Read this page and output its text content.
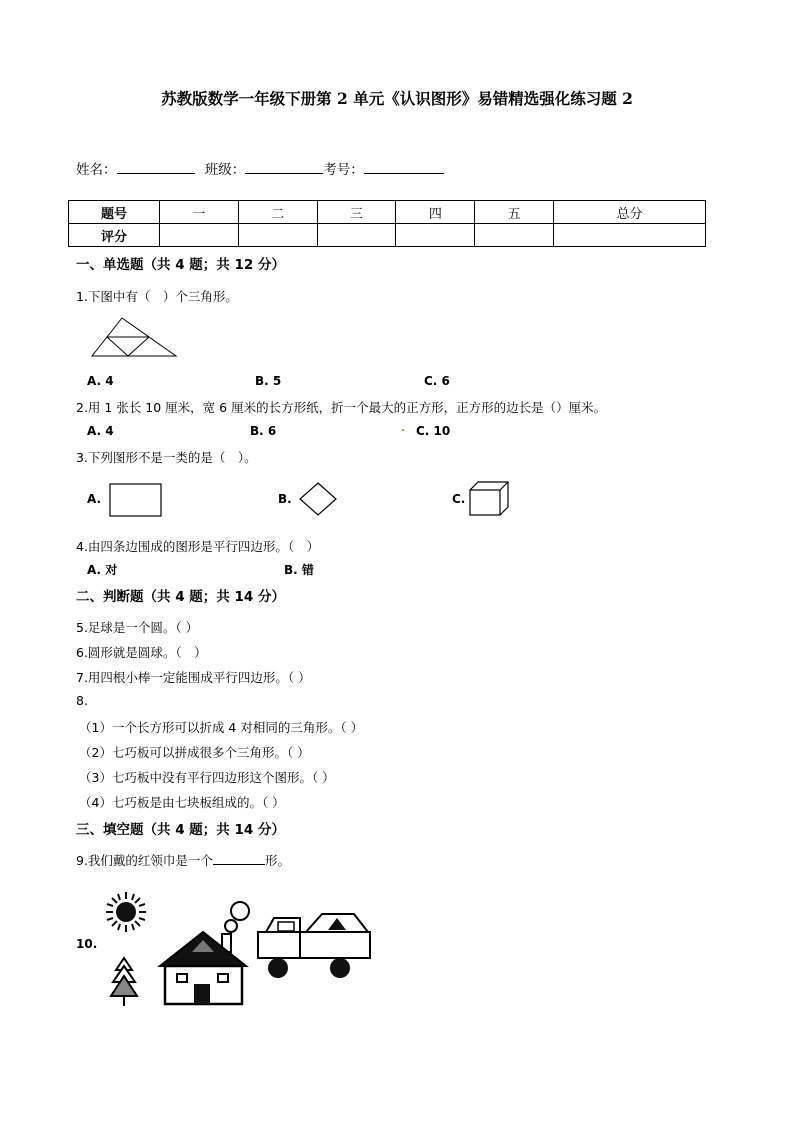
苏教版数学一年级下册第 2 单元《认识图形》易错精选强化练习题 2
姓名：	班级：	考号：
题号	一	二	三	四	五	总分
评分						
一、单选题（共 4 题；共 12 分）
1.下图中有（　）个三角形。
A. 4	B. 5	C. 6
2.用 1 张长 10 厘米，宽 6 厘米的长方形纸，折一个最大的正方形，正方形的边长是（）厘米。
A. 4	B. 6	C. 10
3.下列图形不是一类的是（　）。
A.	B.	C.
4.由四条边围成的图形是平行四边形。（　）
A. 对	B. 错
二、判断题（共 4 题；共 14 分）
5.足球是一个圆。（ ）
6.圆形就是圆球。（　）
7.用四根小棒一定能围成平行四边形。（ ）
8.
（1）一个长方形可以折成 4 对相同的三角形。（ ）
（2）七巧板可以拼成很多个三角形。（ ）
（3）七巧板中没有平行四边形这个图形。（ ）
（4）七巧板是由七块板组成的。（ ）
三、填空题（共 4 题；共 14 分）
9.我们戴的红领巾是一个	形。
10.
